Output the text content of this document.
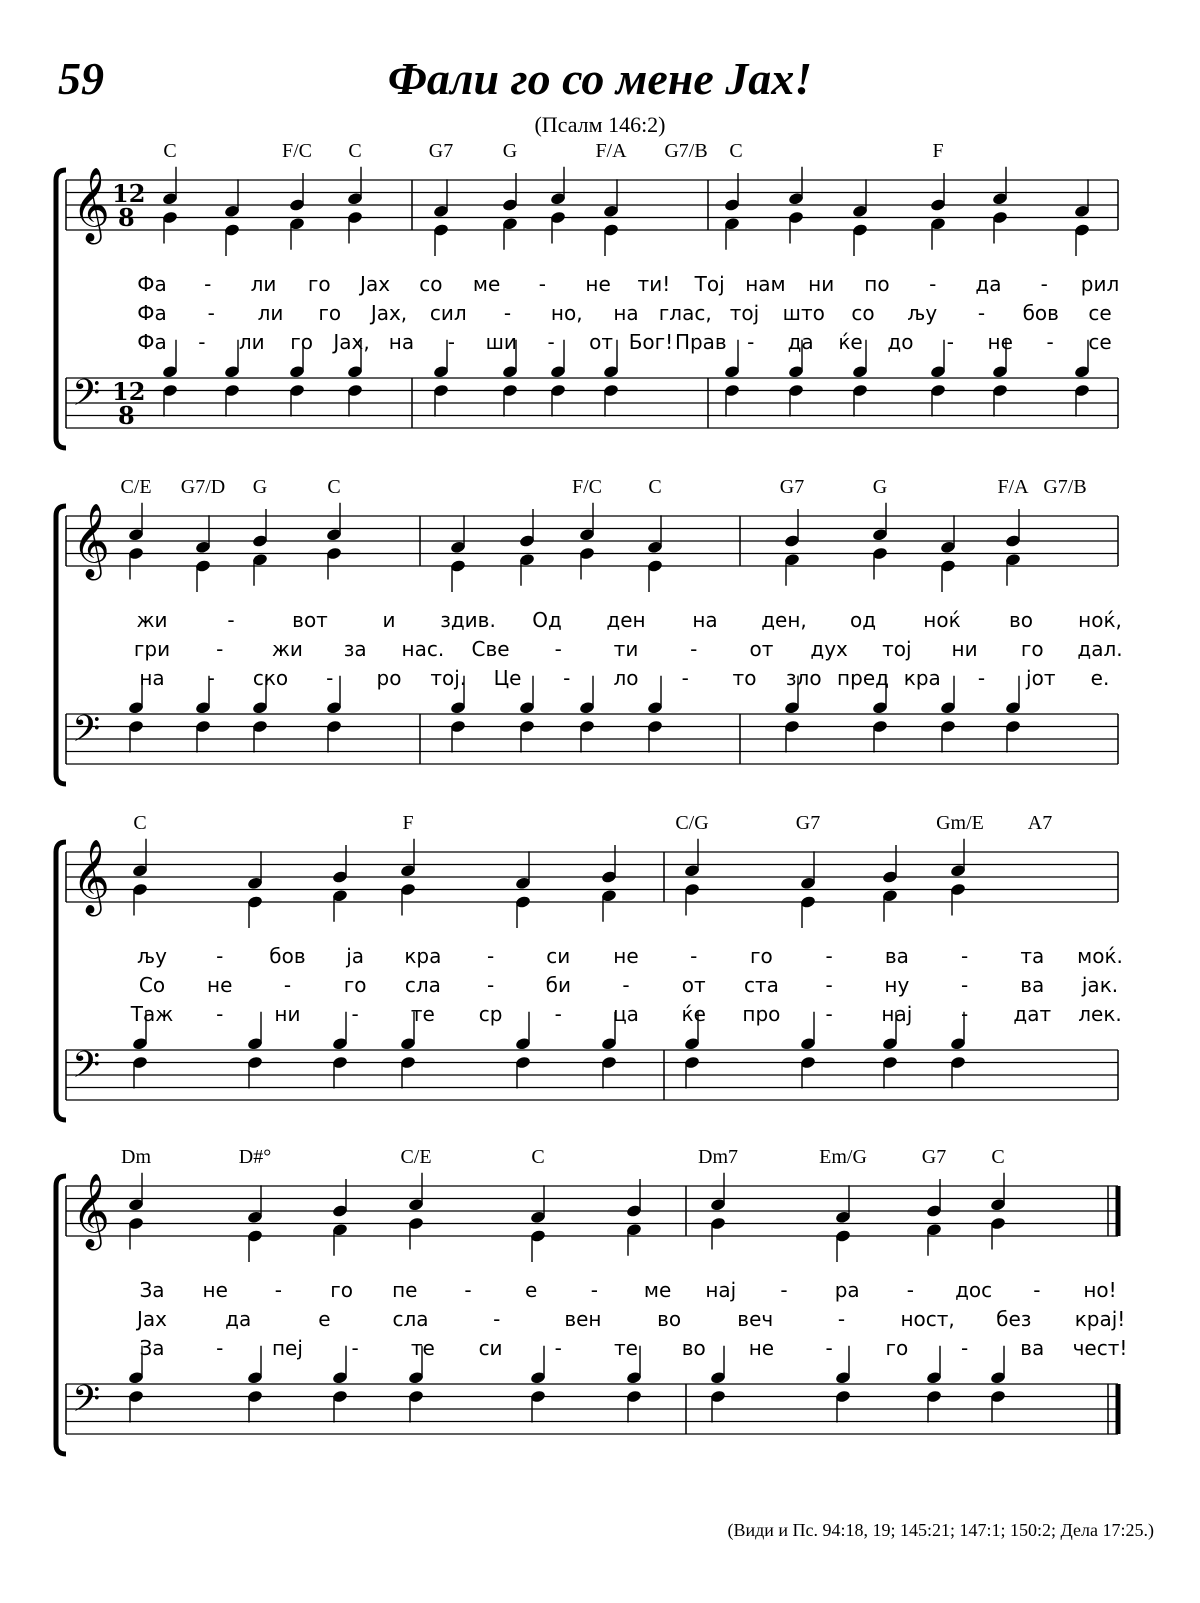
59	Фали го со мене Јах!
(Псалм 146:2)
C	F/C C	G7 G	F/A G7/B C	F
𝄞 12
8
𝄢 12
8
Фа - ли го Јах со ме - не ти! Тој нам ни по - да - рил
Фа - ли го Јах, сил - но, на глас, тој што со љу - бов се
Фа - ли го Јах, на - ши - от Бог! Прав - да ќе до - не - се
C/E G7/D G	C	F/C C	G7	G	F/A G7/B
𝄞
𝄢
жи	-	вот	и здив. Од ден на ден, од ноќ во ноќ,
гри - жи за нас. Све -	ти	-	от дух тој ни го дал.
на - ско - ро тој. Це - ло - то зло пред кра - јот е.
C	F	C/G	G7	Gm/E A7
𝄞
𝄢
љу - бов ја кра -	си не	-	го	-	ва	-	та моќ.
Со не	-	го сла -	би	-	от ста -	ну	-	ва јак.
Таж -	ни	-	те ср	-	ца ќе про - нај - дат лек.
Dm	D#°	C/E	C	Dm7	Em/G	G7 C
𝄞
𝄢
За не - го пе -	е	- ме нај - ра - дос - но!
Јах	да	е	сла	-	вен	во	веч	-	ност, без крај!
За	- пеј -	те си	-	те во не	-	го	-	ва чест!
(Види и Пс. 94:18, 19; 145:21; 147:1; 150:2; Дела 17:25.)
